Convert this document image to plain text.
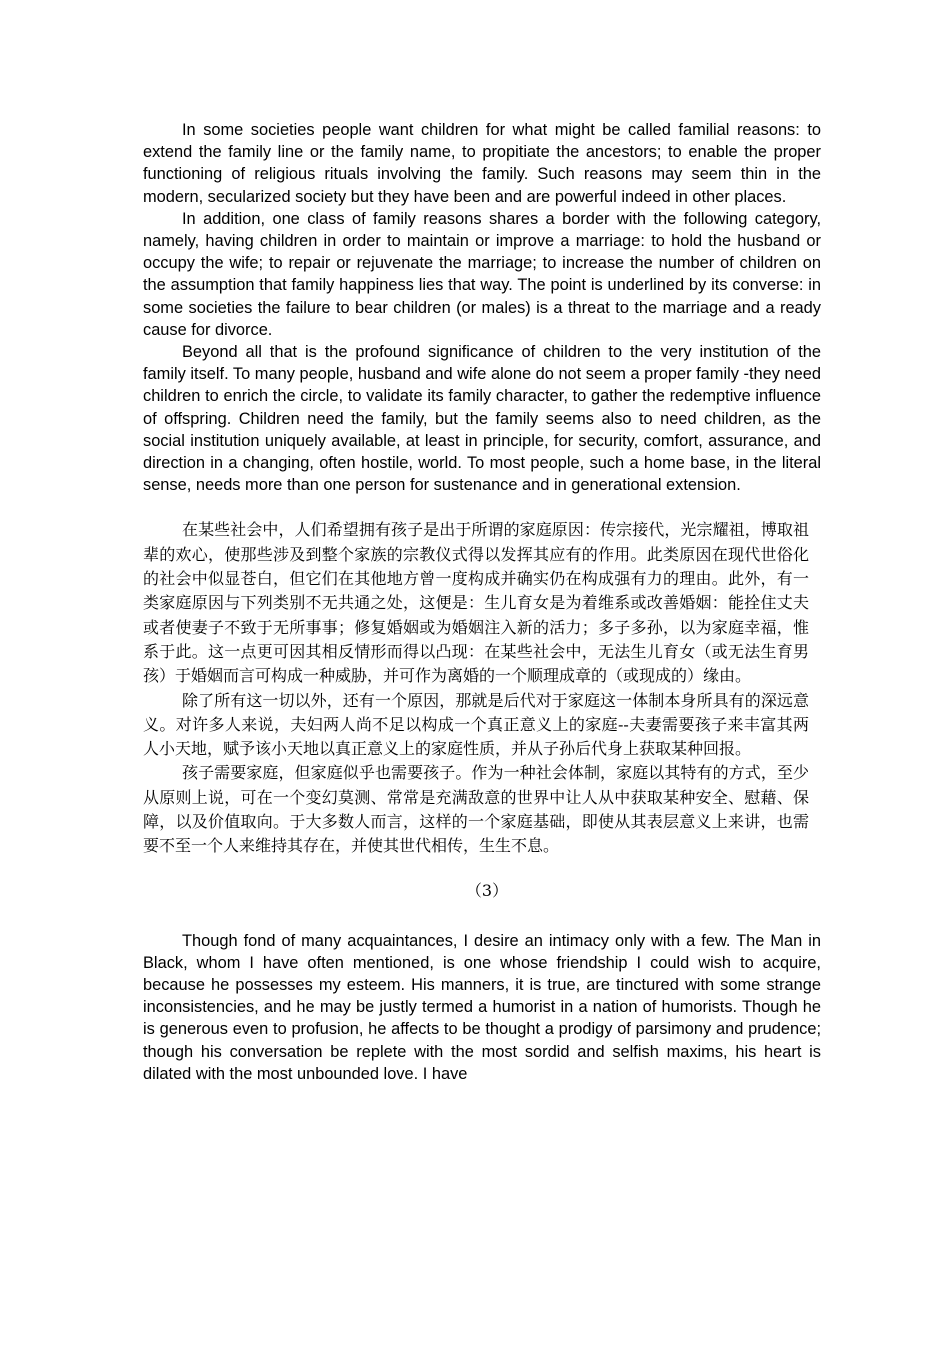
In some societies people want children for what might be called familial reasons: to extend the family line or the family name, to propitiate the ancestors; to enable the proper functioning of religious rituals involving the family. Such reasons may seem thin in the modern, secularized society but they have been and are powerful indeed in other places.

In addition, one class of family reasons shares a border with the following category, namely, having children in order to maintain or improve a marriage: to hold the husband or occupy the wife; to repair or rejuvenate the marriage; to increase the number of children on the assumption that family happiness lies that way. The point is underlined by its converse: in some societies the failure to bear children (or males) is a threat to the marriage and a ready cause for divorce.

Beyond all that is the profound significance of children to the very institution of the family itself. To many people, husband and wife alone do not seem a proper family -they need children to enrich the circle, to validate its family character, to gather the redemptive influence of offspring. Children need the family, but the family seems also to need children, as the social institution uniquely available, at least in principle, for security, comfort, assurance, and direction in a changing, often hostile, world. To most people, such a home base, in the literal sense, needs more than one person for sustenance and in generational extension.

在某些社会中，人们希望拥有孩子是出于所谓的家庭原因：传宗接代，光宗耀祖，博取祖辈的欢心，使那些涉及到整个家族的宗教仪式得以发挥其应有的作用。此类原因在现代世俗化的社会中似显苍白，但它们在其他地方曾一度构成并确实仍在构成强有力的理由。此外，有一类家庭原因与下列类别不无共通之处，这便是：生儿育女是为着维系或改善婚姻：能拴住丈夫或者使妻子不致于无所事事；修复婚姻或为婚姻注入新的活力；多子多孙，以为家庭幸福，惟系于此。这一点更可因其相反情形而得以凸现：在某些社会中，无法生儿育女（或无法生育男孩）于婚姻而言可构成一种威胁，并可作为离婚的一个顺理成章的（或现成的）缘由。

除了所有这一切以外，还有一个原因，那就是后代对于家庭这一体制本身所具有的深远意义。对许多人来说，夫妇两人尚不足以构成一个真正意义上的家庭--夫妻需要孩子来丰富其两人小天地，赋予该小天地以真正意义上的家庭性质，并从子孙后代身上获取某种回报。

孩子需要家庭，但家庭似乎也需要孩子。作为一种社会体制，家庭以其特有的方式，至少从原则上说，可在一个变幻莫测、常常是充满敌意的世界中让人从中获取某种安全、慰藉、保障，以及价值取向。于大多数人而言，这样的一个家庭基础，即使从其表层意义上来讲，也需要不至一个人来维持其存在，并使其世代相传，生生不息。

（3）

Though fond of many acquaintances, I desire an intimacy only with a few. The Man in Black, whom I have often mentioned, is one whose friendship I could wish to acquire, because he possesses my esteem. His manners, it is true, are tinctured with some strange inconsistencies, and he may be justly termed a humorist in a nation of humorists. Though he is generous even to profusion, he affects to be thought a prodigy of parsimony and prudence; though his conversation be replete with the most sordid and selfish maxims, his heart is dilated with the most unbounded love. I have
